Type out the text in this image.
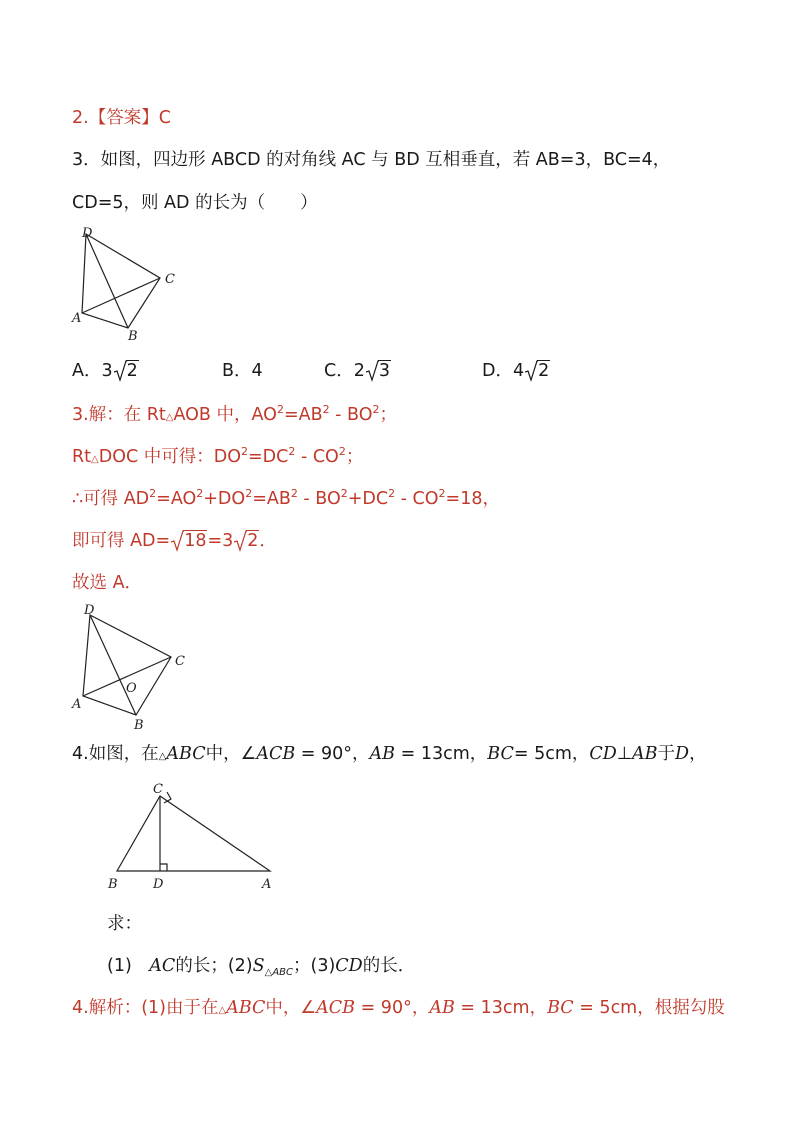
2.【答案】C
3．如图，四边形 ABCD 的对角线 AC 与 BD 互相垂直，若 AB=3，BC=4，
CD=5，则 AD 的长为（　　）
D
C
A
B
A．3 2	B．4	C．2 3	D．4 2
3.解：在 Rt△AOB 中，$AO^2=AB^2 - BO^2$；
Rt△DOC 中可得：$DO^2=DC^2 - CO^2$；
∴可得 $AD^2=AO^2+DO^2=AB^2 - BO^2+DC^2 - CO^2=18$，
即可得 AD= 18=3 2．
故选 A．
D
C
A
O
B
4.如图，在△ABC中，∠ACB = 90°，AB = 13cm，BC= 5cm，CD⊥AB于D，
C
B	D	A
求：
(1)　AC的长；$(2)S_{\triangle ABC}$；(3)CD的长．
4.解析：(1)由于在△ABC中，∠ACB = 90°，AB = 13cm，BC = 5cm，根据勾股
